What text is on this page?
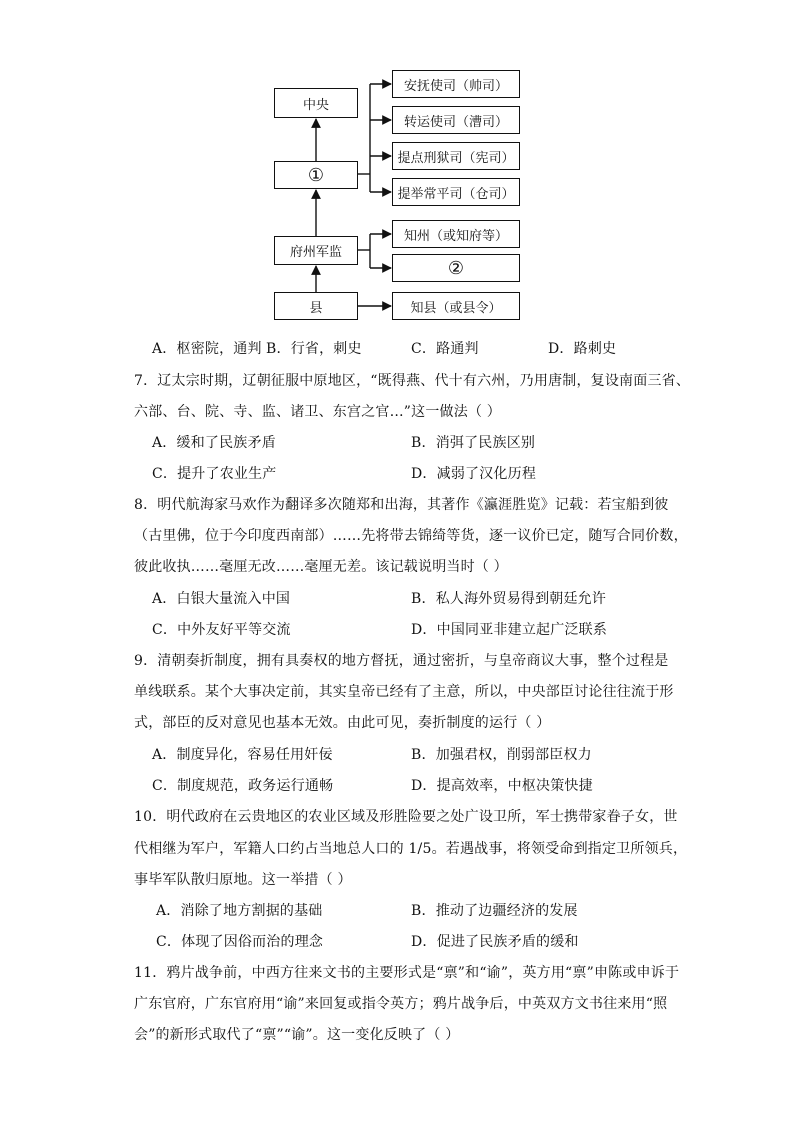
中央
①
府州军监
县
安抚使司（帅司）
转运使司（漕司）
提点刑狱司（宪司）
提举常平司（仓司）
知州（或知府等）
②
知县（或县令）
A．枢密院，通判 B．行省，刺史	C．路通判	D．路刺史
7．辽太宗时期，辽朝征服中原地区，“既得燕、代十有六州，乃用唐制，复设南面三省、
六部、台、院、寺、监、诸卫、东宫之官…”这一做法（ ）
A．缓和了民族矛盾	B．消弭了民族区别
C．提升了农业生产	D．减弱了汉化历程
8．明代航海家马欢作为翻译多次随郑和出海，其著作《瀛涯胜览》记载：若宝船到彼
（古里佛，位于今印度西南部）……先将带去锦绮等货，逐一议价已定，随写合同价数，
彼此收执……毫厘无改……毫厘无差。该记载说明当时（ ）
A．白银大量流入中国	B．私人海外贸易得到朝廷允许
C．中外友好平等交流	D．中国同亚非建立起广泛联系
9．清朝奏折制度，拥有具奏权的地方督抚，通过密折，与皇帝商议大事，整个过程是
单线联系。某个大事决定前，其实皇帝已经有了主意，所以，中央部臣讨论往往流于形
式，部臣的反对意见也基本无效。由此可见，奏折制度的运行（ ）
A．制度异化，容易任用奸佞	B．加强君权，削弱部臣权力
C．制度规范，政务运行通畅	D．提高效率，中枢决策快捷
10．明代政府在云贵地区的农业区域及形胜险要之处广设卫所，军士携带家眷子女，世
代相继为军户，军籍人口约占当地总人口的 1/5。若遇战事，将领受命到指定卫所领兵，
事毕军队散归原地。这一举措（ ）
A．消除了地方割据的基础	B．推动了边疆经济的发展
C．体现了因俗而治的理念	D．促进了民族矛盾的缓和
11．鸦片战争前，中西方往来文书的主要形式是“禀”和“谕”，英方用“禀”申陈或申诉于
广东官府，广东官府用“谕”来回复或指令英方；鸦片战争后，中英双方文书往来用“照
会”的新形式取代了“禀”“谕”。这一变化反映了（ ）
